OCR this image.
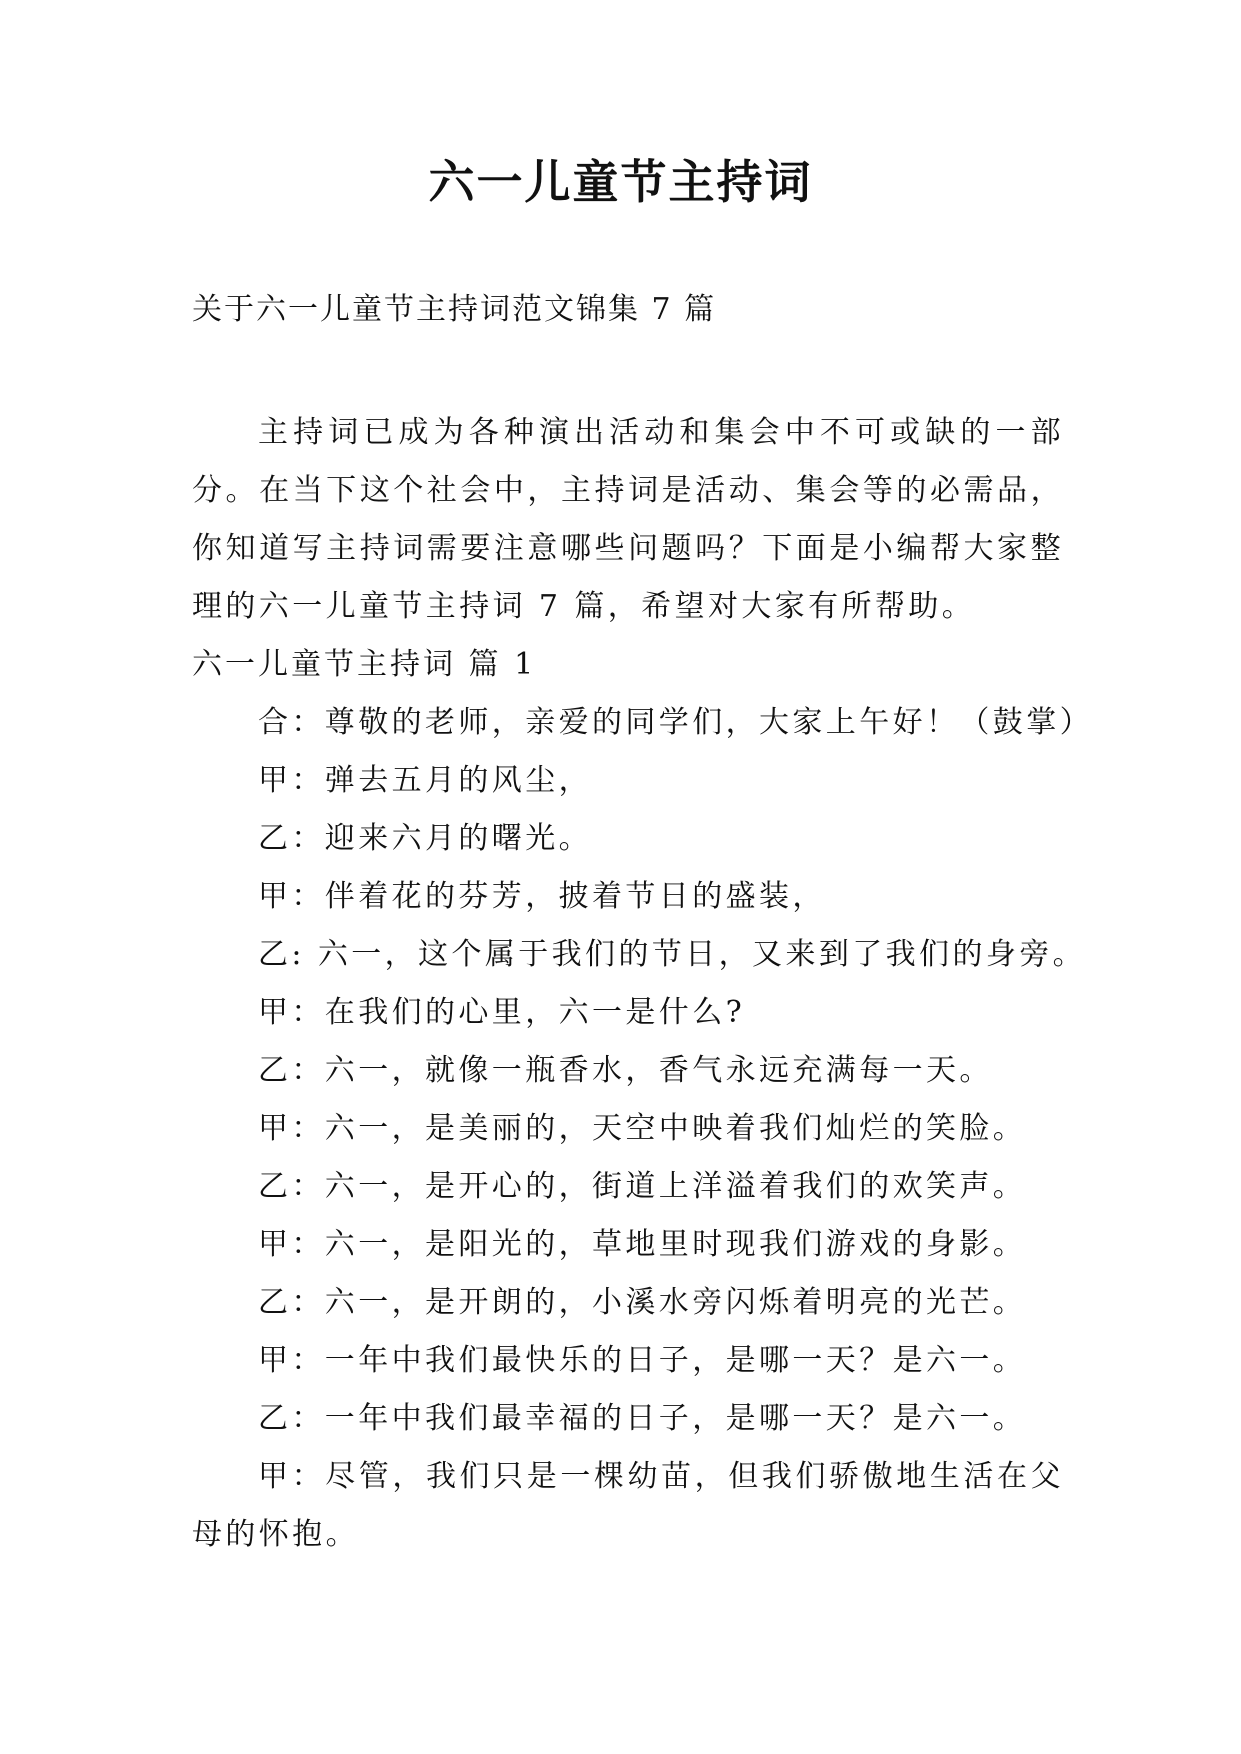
六一儿童节主持词
关于六一儿童节主持词范文锦集 7 篇

主持词已成为各种演出活动和集会中不可或缺的一部分。在当下这个社会中，主持词是活动、集会等的必需品，你知道写主持词需要注意哪些问题吗？下面是小编帮大家整理的六一儿童节主持词 7 篇，希望对大家有所帮助。

六一儿童节主持词 篇 1

合：尊敬的老师，亲爱的同学们，大家上午好！（鼓掌）

甲：弹去五月的风尘，

乙：迎来六月的曙光。

甲：伴着花的芬芳，披着节日的盛装，

乙: 六一，这个属于我们的节日，又来到了我们的身旁。

甲：在我们的心里，六一是什么?

乙：六一，就像一瓶香水，香气永远充满每一天。

甲：六一，是美丽的，天空中映着我们灿烂的笑脸。

乙：六一，是开心的，街道上洋溢着我们的欢笑声。

甲：六一，是阳光的，草地里时现我们游戏的身影。

乙：六一，是开朗的，小溪水旁闪烁着明亮的光芒。

甲：一年中我们最快乐的日子，是哪一天？是六一。

乙：一年中我们最幸福的日子，是哪一天？是六一。

甲：尽管，我们只是一棵幼苗，但我们骄傲地生活在父母的怀抱。
